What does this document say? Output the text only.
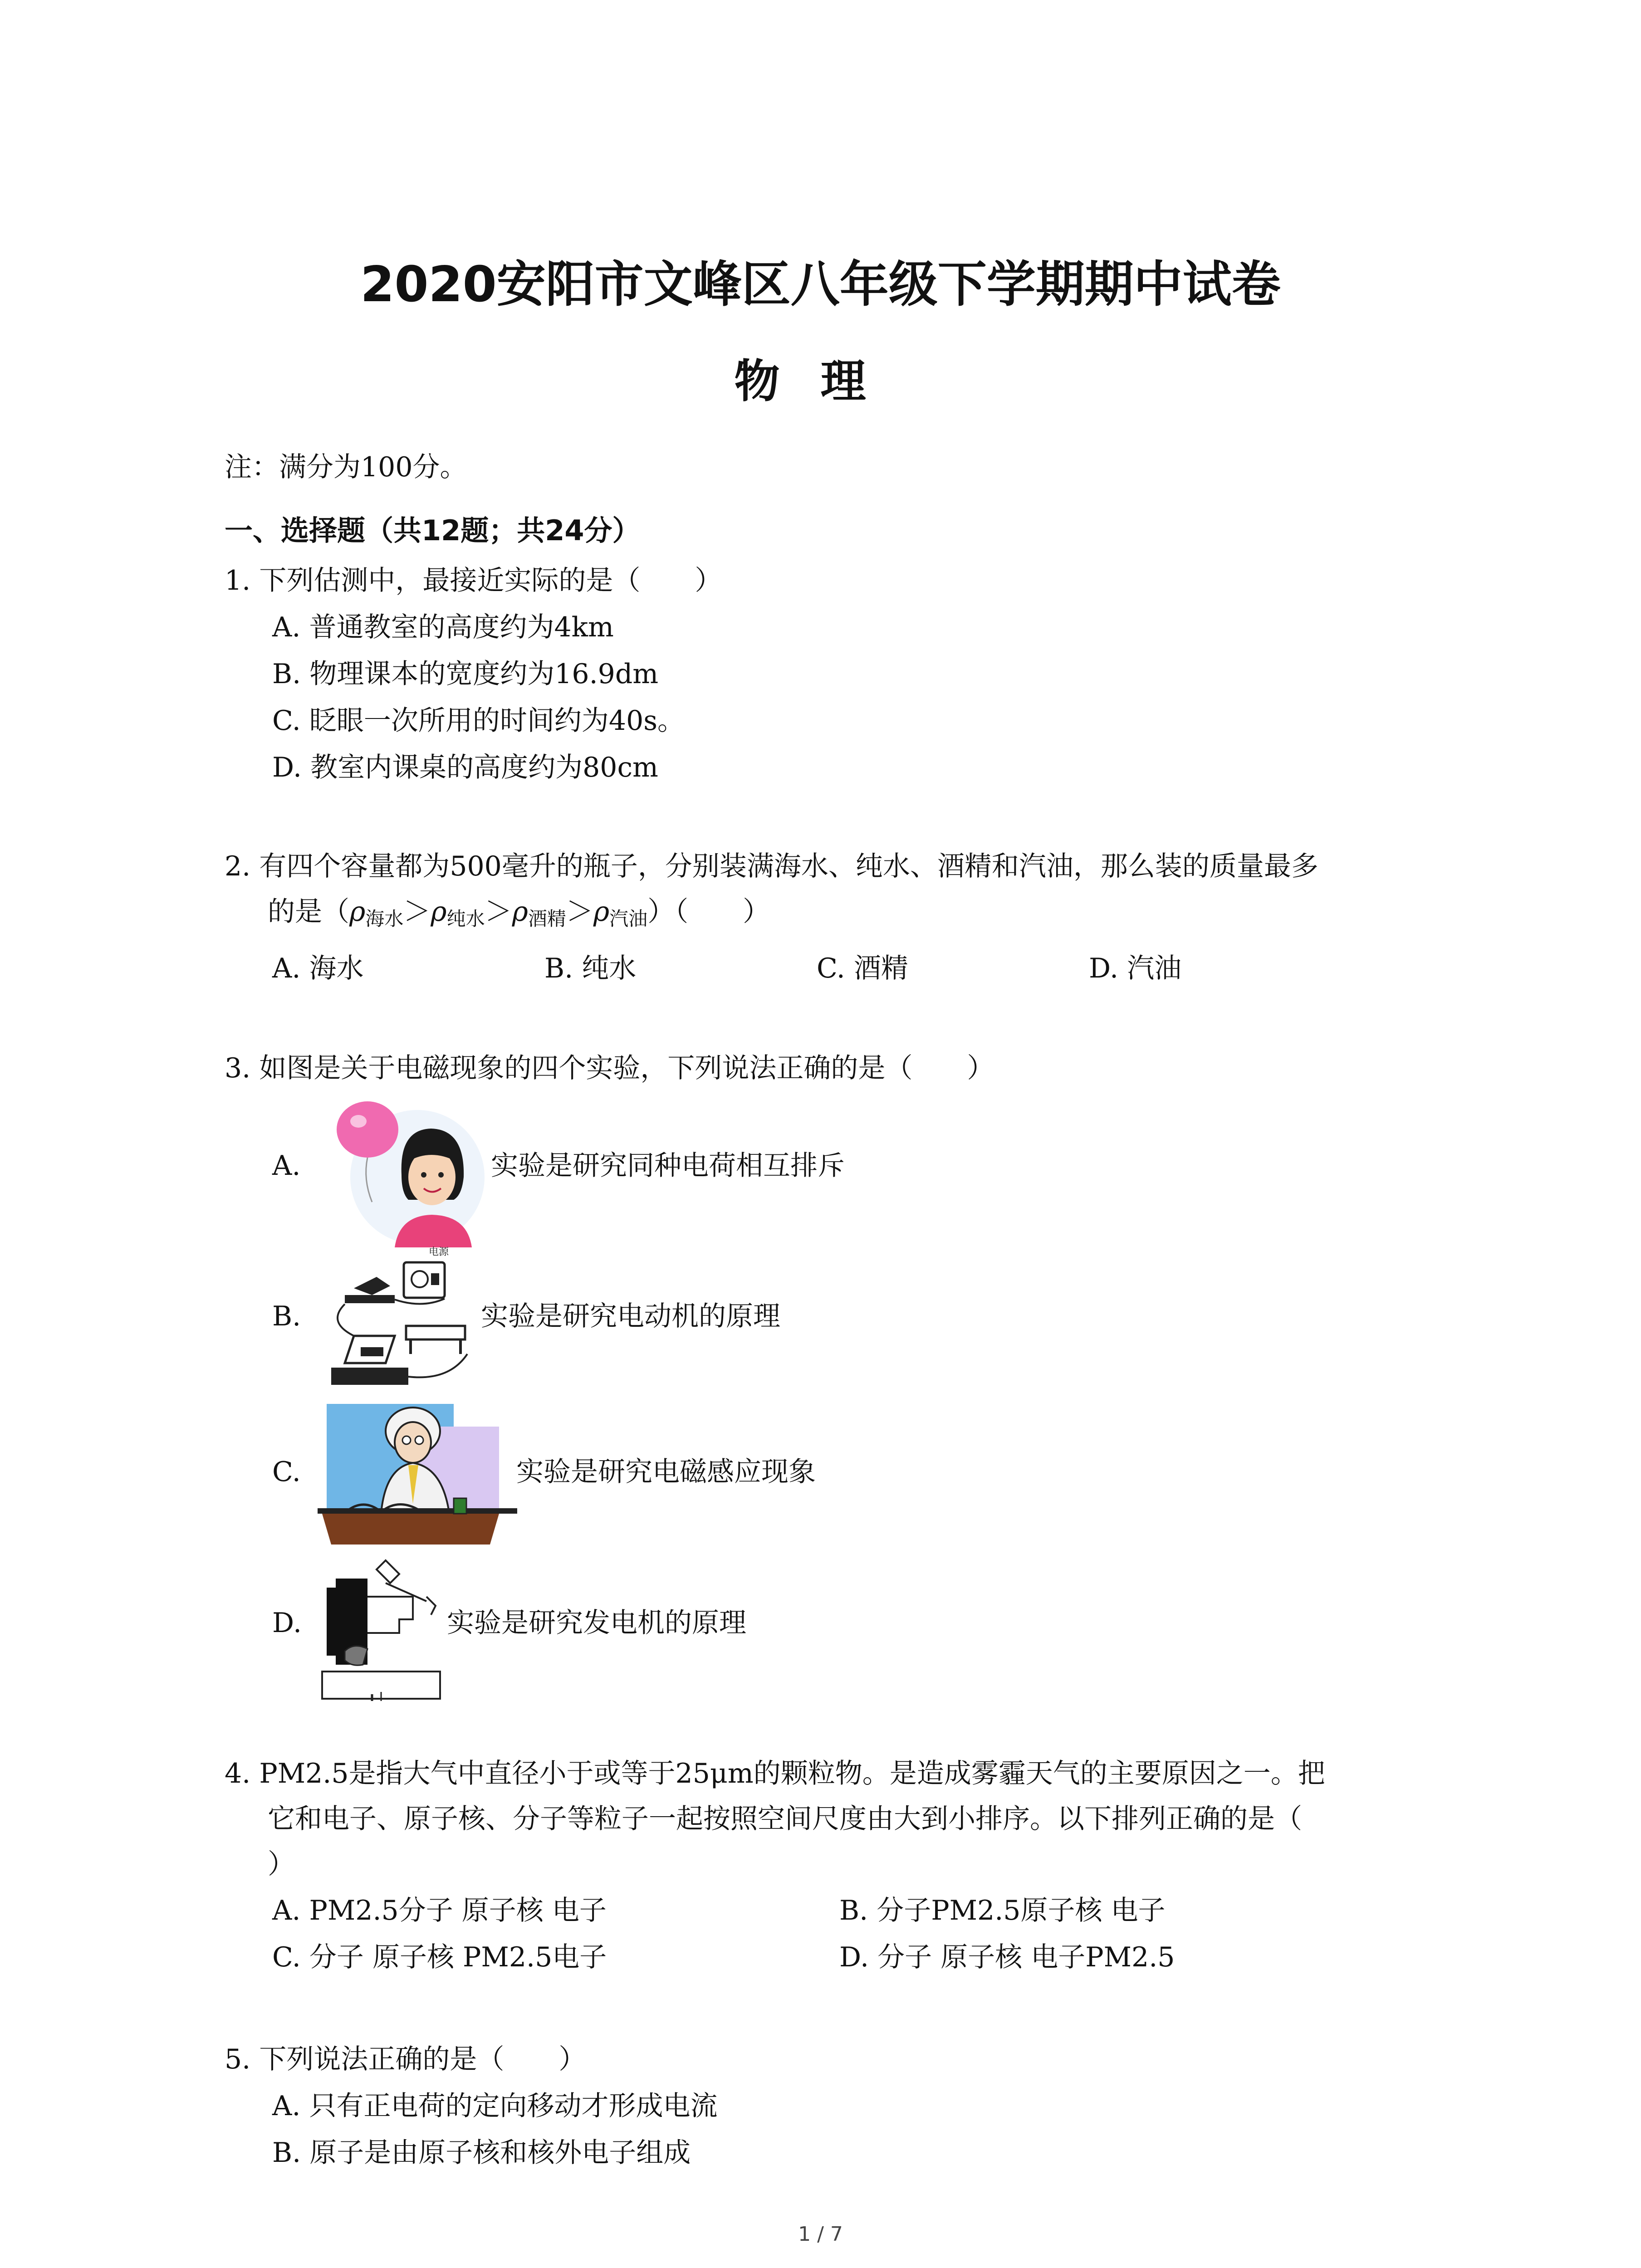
2020安阳市文峰区八年级下学期期中试卷
物理
注：满分为100分。
一、选择题（共12题；共24分）
1. 下列估测中，最接近实际的是（　　）
A. 普通教室的高度约为4km
B. 物理课本的宽度约为16.9dm
C. 眨眼一次所用的时间约为40s。
D. 教室内课桌的高度约为80cm
2. 有四个容量都为500毫升的瓶子，分别装满海水、纯水、酒精和汽油，那么装的质量最多
的是$(\rho_{海水}>\rho_{纯水}>\rho_{酒精}>\rho_{汽油})$（　　）
A. 海水	B. 纯水	C. 酒精	D. 汽油
3. 如图是关于电磁现象的四个实验，下列说法正确的是（　　）
A.	实验是研究同种电荷相互排斥
B.
电源
实验是研究电动机的原理
C.	实验是研究电磁感应现象
D.	实验是研究发电机的原理
4. PM2.5是指大气中直径小于或等于25μm的颗粒物。是造成雾霾天气的主要原因之一。把
它和电子、原子核、分子等粒子一起按照空间尺度由大到小排序。以下排列正确的是（
）
A. PM2.5分子 原子核 电子	B. 分子PM2.5原子核 电子
C. 分子 原子核 PM2.5电子	D. 分子 原子核 电子PM2.5
5. 下列说法正确的是（　　）
A. 只有正电荷的定向移动才形成电流
B. 原子是由原子核和核外电子组成
1 / 7
